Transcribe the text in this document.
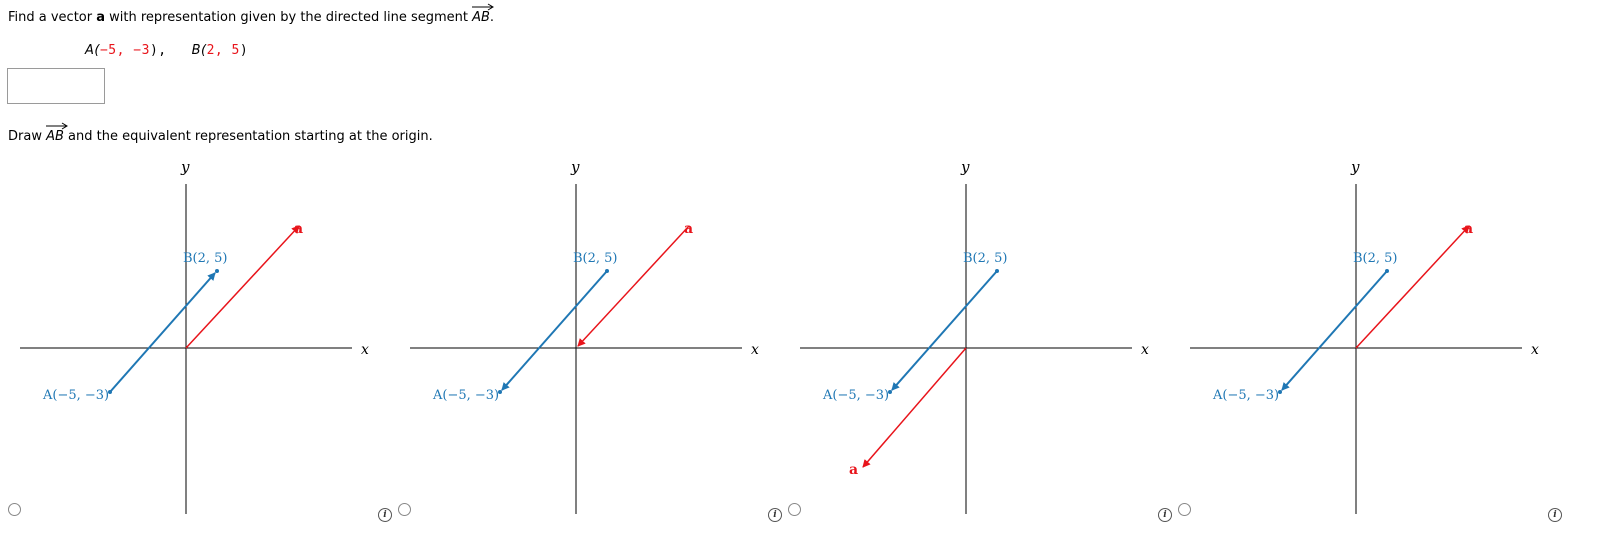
Find a vector a with representation given by the directed line segment
AB.
A(−5, −3), B(2, 5)
Draw
AB and the equivalent representation starting at the origin.
y
x
A(−5, −3)
B(2, 5)
a
y
x
A(−5, −3)
B(2, 5)
a
y
x
A(−5, −3)
B(2, 5)
a
y
x
A(−5, −3)
B(2, 5)
a
i	i	i	i
